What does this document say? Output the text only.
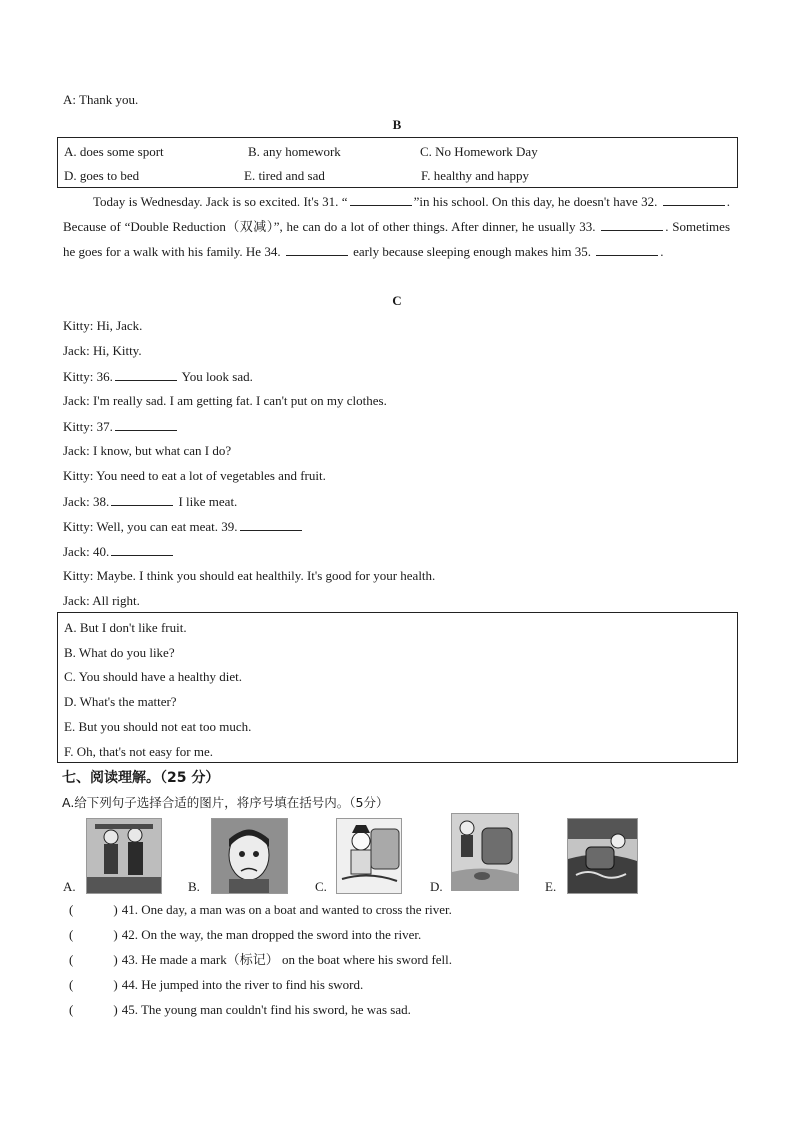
A: Thank you.
B
A. does some sport	B. any homework	C. No Homework Day
D. goes to bed	E. tired and sad	F. healthy and happy
Today is Wednesday. Jack is so excited. It's 31. “	”in his school. On this day, he doesn't have 32.	. Because of “Double Reduction（双减）”, he can do a lot of other things. After dinner, he usually 33.	. Sometimes he goes for a walk with his family. He 34.	early because sleeping enough makes him 35.	.
C
Kitty: Hi, Jack.
Jack: Hi, Kitty.
Kitty: 36.	You look sad.
Jack: I'm really sad. I am getting fat. I can't put on my clothes.
Kitty: 37.
Jack: I know, but what can I do?
Kitty: You need to eat a lot of vegetables and fruit.
Jack: 38.	I like meat.
Kitty: Well, you can eat meat. 39.
Jack: 40.
Kitty: Maybe. I think you should eat healthily. It's good for your health.
Jack: All right.
A. But I don't like fruit.
B. What do you like?
C. You should have a healthy diet.
D. What's the matter?
E. But you should not eat too much.
F. Oh, that's not easy for me.
七、阅读理解。（25 分）
A.给下列句子选择合适的图片，将序号填在括号内。（5分）
A.	B.	C.	D.	E.
(	) 41. One day, a man was on a boat and wanted to cross the river.
(	) 42. On the way, the man dropped the sword into the river.
(	) 43. He made a mark（标记） on the boat where his sword fell.
(	) 44. He jumped into the river to find his sword.
(	) 45. The young man couldn't find his sword, he was sad.
